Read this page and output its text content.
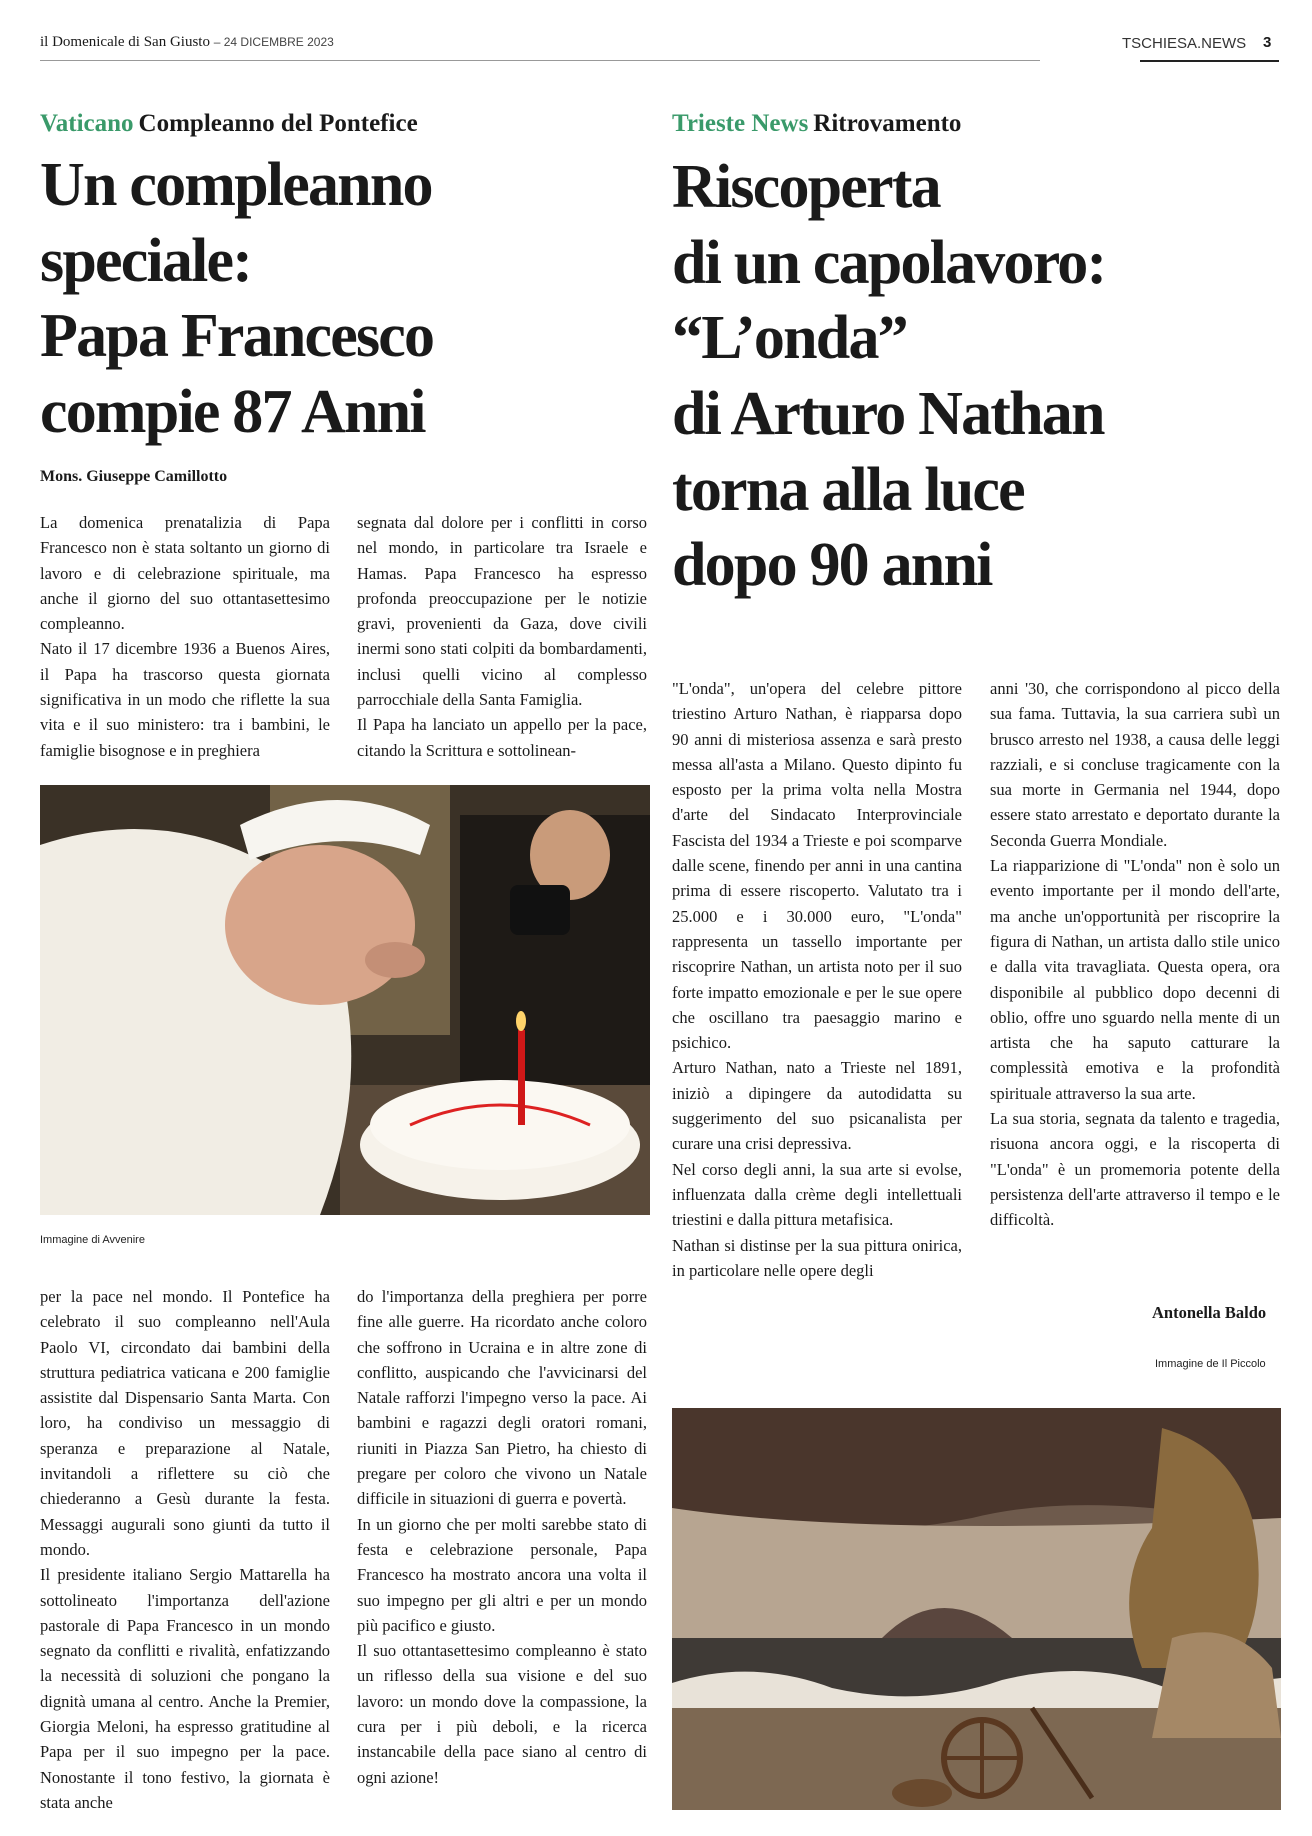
il Domenicale di San Giusto – 24 DICEMBRE 2023	TSCHIESA.NEWS 3
Vaticano Compleanno del Pontefice
Un compleanno
speciale:
Papa Francesco
compie 87 Anni
Mons. Giuseppe Camillotto

La domenica prenatalizia di Papa Francesco non è stata soltanto un giorno di lavoro e di celebrazione spirituale, ma anche il giorno del suo ottantasettesimo compleanno.

Nato il 17 dicembre 1936 a Buenos Aires, il Papa ha trascorso questa giornata significativa in un modo che riflette la sua vita e il suo ministero: tra i bambini, le famiglie bisognose e in preghiera

segnata dal dolore per i conflitti in corso nel mondo, in particolare tra Israele e Hamas. Papa Francesco ha espresso profonda preoccupazione per le notizie gravi, provenienti da Gaza, dove civili inermi sono stati colpiti da bombardamenti, inclusi quelli vicino al complesso parrocchiale della Santa Famiglia.

Il Papa ha lanciato un appello per la pace, citando la Scrittura e sottolinean-

Immagine di Avvenire

per la pace nel mondo. Il Pontefice ha celebrato il suo compleanno nell'Aula Paolo VI, circondato dai bambini della struttura pediatrica vaticana e 200 famiglie assistite dal Dispensario Santa Marta. Con loro, ha condiviso un messaggio di speranza e preparazione al Natale, invitandoli a riflettere su ciò che chiederanno a Gesù durante la festa. Messaggi augurali sono giunti da tutto il mondo.

Il presidente italiano Sergio Mattarella ha sottolineato l'importanza dell'azione pastorale di Papa Francesco in un mondo segnato da conflitti e rivalità, enfatizzando la necessità di soluzioni che pongano la dignità umana al centro. Anche la Premier, Giorgia Meloni, ha espresso gratitudine al Papa per il suo impegno per la pace. Nonostante il tono festivo, la giornata è stata anche

do l'importanza della preghiera per porre fine alle guerre. Ha ricordato anche coloro che soffrono in Ucraina e in altre zone di conflitto, auspicando che l'avvicinarsi del Natale rafforzi l'impegno verso la pace. Ai bambini e ragazzi degli oratori romani, riuniti in Piazza San Pietro, ha chiesto di pregare per coloro che vivono un Natale difficile in situazioni di guerra e povertà.

In un giorno che per molti sarebbe stato di festa e celebrazione personale, Papa Francesco ha mostrato ancora una volta il suo impegno per gli altri e per un mondo più pacifico e giusto.

Il suo ottantasettesimo compleanno è stato un riflesso della sua visione e del suo lavoro: un mondo dove la compassione, la cura per i più deboli, e la ricerca instancabile della pace siano al centro di ogni azione!

Trieste News Ritrovamento
Riscoperta
di un capolavoro:
“L’onda”
di Arturo Nathan
torna alla luce
dopo 90 anni

"L'onda", un'opera del celebre pittore triestino Arturo Nathan, è riapparsa dopo 90 anni di misteriosa assenza e sarà presto messa all'asta a Milano. Questo dipinto fu esposto per la prima volta nella Mostra d'arte del Sindacato Interprovinciale Fascista del 1934 a Trieste e poi scomparve dalle scene, finendo per anni in una cantina prima di essere riscoperto. Valutato tra i 25.000 e i 30.000 euro, "L'onda" rappresenta un tassello importante per riscoprire Nathan, un artista noto per il suo forte impatto emozionale e per le sue opere che oscillano tra paesaggio marino e psichico.

Arturo Nathan, nato a Trieste nel 1891, iniziò a dipingere da autodidatta su suggerimento del suo psicanalista per curare una crisi depressiva.

Nel corso degli anni, la sua arte si evolse, influenzata dalla crème degli intellettuali triestini e dalla pittura metafisica.

Nathan si distinse per la sua pittura onirica, in particolare nelle opere degli

anni '30, che corrispondono al picco della sua fama. Tuttavia, la sua carriera subì un brusco arresto nel 1938, a causa delle leggi razziali, e si concluse tragicamente con la sua morte in Germania nel 1944, dopo essere stato arrestato e deportato durante la Seconda Guerra Mondiale.

La riapparizione di "L'onda" non è solo un evento importante per il mondo dell'arte, ma anche un'opportunità per riscoprire la figura di Nathan, un artista dallo stile unico e dalla vita travagliata. Questa opera, ora disponibile al pubblico dopo decenni di oblio, offre uno sguardo nella mente di un artista che ha saputo catturare la complessità emotiva e la profondità spirituale attraverso la sua arte.

La sua storia, segnata da talento e tragedia, risuona ancora oggi, e la riscoperta di "L'onda" è un promemoria potente della persistenza dell'arte attraverso il tempo e le difficoltà.

Antonella Baldo
Immagine de Il Piccolo
